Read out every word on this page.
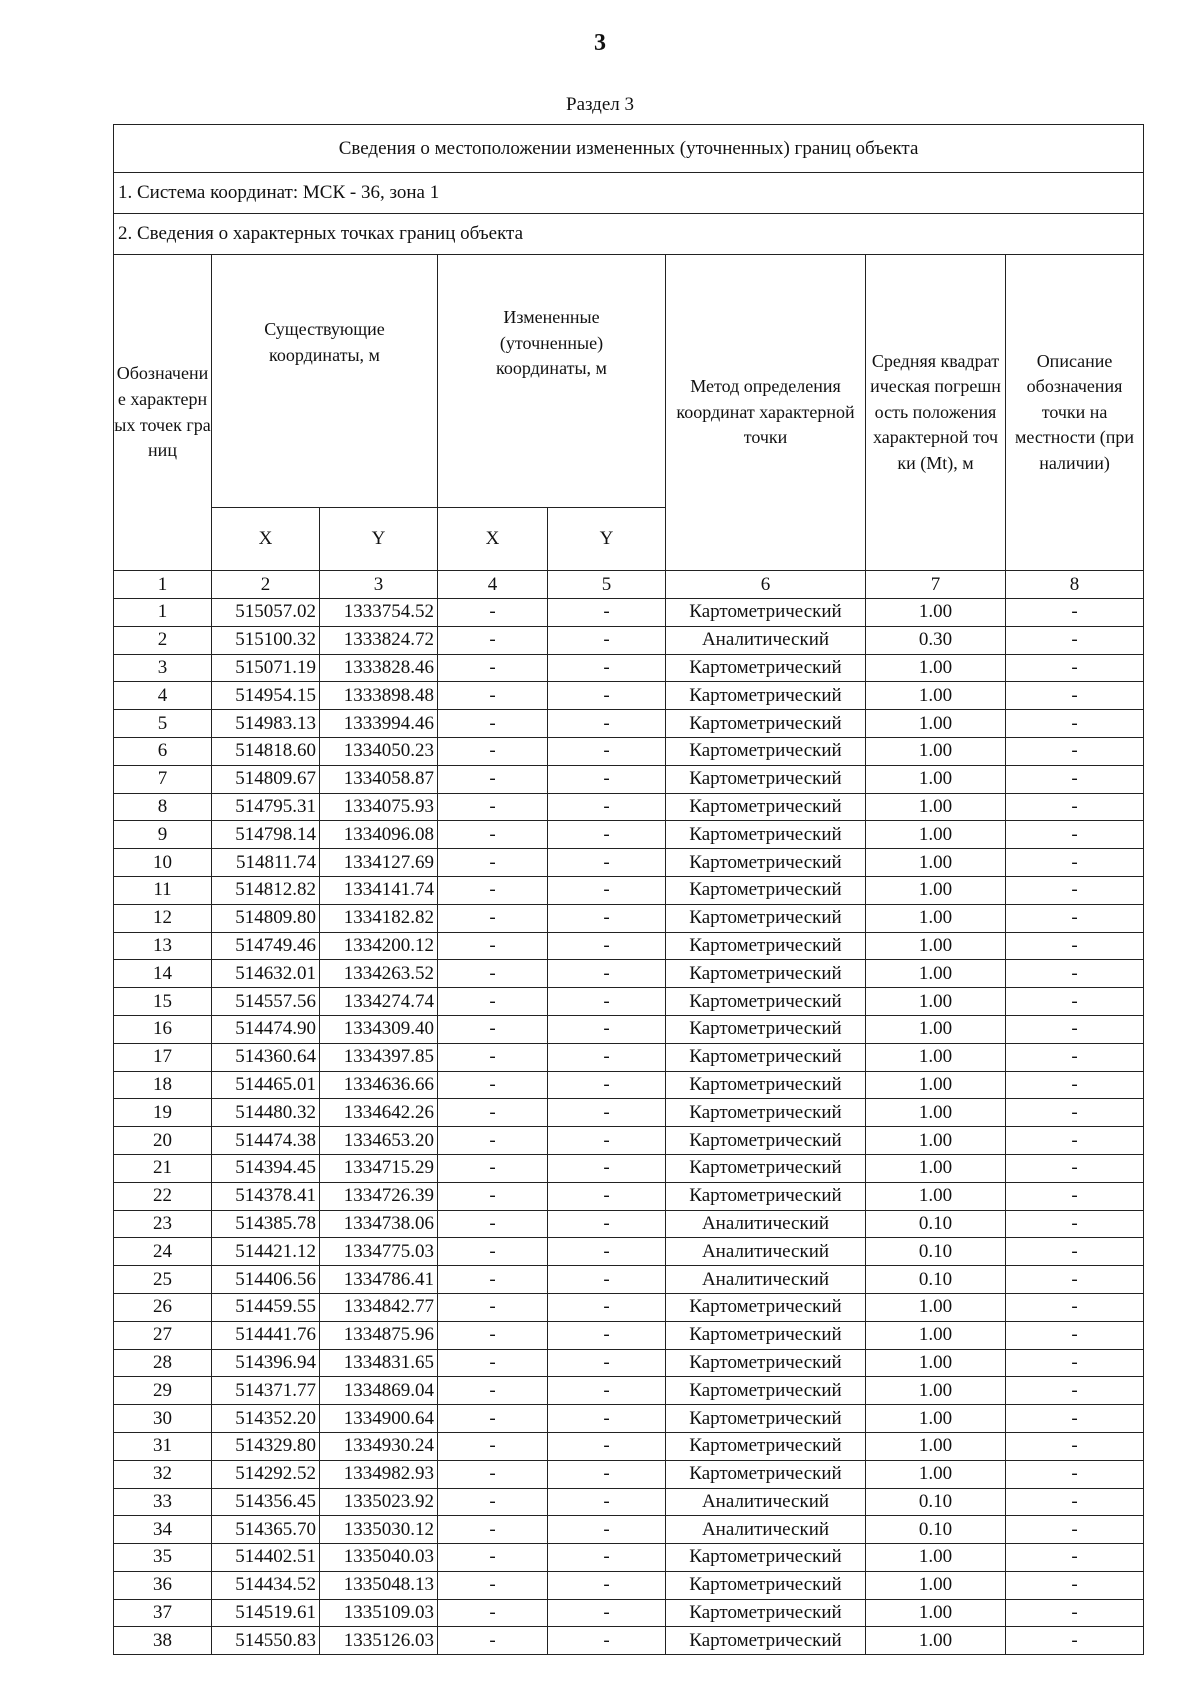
3
Раздел 3
Сведения о местоположении измененных (уточненных) границ объекта							
1. Система координат: МСК - 36, зона 1							
2. Сведения о характерных точках границ объекта							
Обозначение характерных точек границ	Существующие координаты, м		Измененные (уточненные) координаты, м		Метод определения координат характерной точки	Средняя квадратическая погрешность положения характерной точки (Mt), м	Описание обозначения точки на местности (при наличии)
	X	Y	X	Y			
1	2	3	4	5	6	7	8
1	515057.02	1333754.52	-	-	Картометрический	1.00	-
2	515100.32	1333824.72	-	-	Аналитический	0.30	-
3	515071.19	1333828.46	-	-	Картометрический	1.00	-
4	514954.15	1333898.48	-	-	Картометрический	1.00	-
5	514983.13	1333994.46	-	-	Картометрический	1.00	-
6	514818.60	1334050.23	-	-	Картометрический	1.00	-
7	514809.67	1334058.87	-	-	Картометрический	1.00	-
8	514795.31	1334075.93	-	-	Картометрический	1.00	-
9	514798.14	1334096.08	-	-	Картометрический	1.00	-
10	514811.74	1334127.69	-	-	Картометрический	1.00	-
11	514812.82	1334141.74	-	-	Картометрический	1.00	-
12	514809.80	1334182.82	-	-	Картометрический	1.00	-
13	514749.46	1334200.12	-	-	Картометрический	1.00	-
14	514632.01	1334263.52	-	-	Картометрический	1.00	-
15	514557.56	1334274.74	-	-	Картометрический	1.00	-
16	514474.90	1334309.40	-	-	Картометрический	1.00	-
17	514360.64	1334397.85	-	-	Картометрический	1.00	-
18	514465.01	1334636.66	-	-	Картометрический	1.00	-
19	514480.32	1334642.26	-	-	Картометрический	1.00	-
20	514474.38	1334653.20	-	-	Картометрический	1.00	-
21	514394.45	1334715.29	-	-	Картометрический	1.00	-
22	514378.41	1334726.39	-	-	Картометрический	1.00	-
23	514385.78	1334738.06	-	-	Аналитический	0.10	-
24	514421.12	1334775.03	-	-	Аналитический	0.10	-
25	514406.56	1334786.41	-	-	Аналитический	0.10	-
26	514459.55	1334842.77	-	-	Картометрический	1.00	-
27	514441.76	1334875.96	-	-	Картометрический	1.00	-
28	514396.94	1334831.65	-	-	Картометрический	1.00	-
29	514371.77	1334869.04	-	-	Картометрический	1.00	-
30	514352.20	1334900.64	-	-	Картометрический	1.00	-
31	514329.80	1334930.24	-	-	Картометрический	1.00	-
32	514292.52	1334982.93	-	-	Картометрический	1.00	-
33	514356.45	1335023.92	-	-	Аналитический	0.10	-
34	514365.70	1335030.12	-	-	Аналитический	0.10	-
35	514402.51	1335040.03	-	-	Картометрический	1.00	-
36	514434.52	1335048.13	-	-	Картометрический	1.00	-
37	514519.61	1335109.03	-	-	Картометрический	1.00	-
38	514550.83	1335126.03	-	-	Картометрический	1.00	-
